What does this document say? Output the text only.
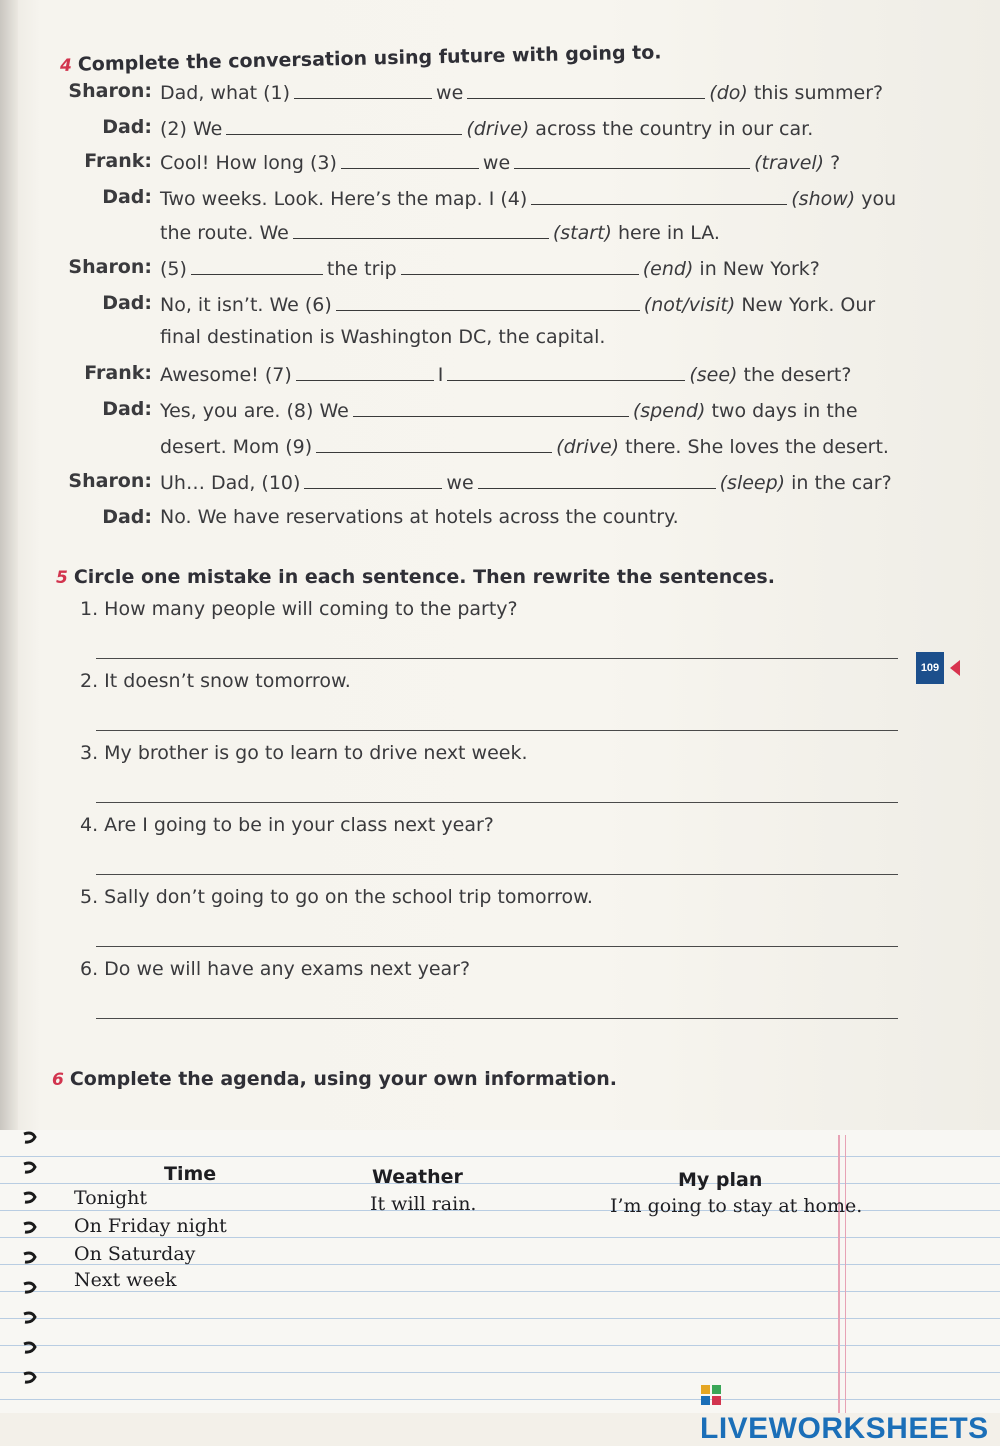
4 Complete the conversation using future with going to.
Sharon: Dad, what (1)	we	(do) this summer?
Dad: (2) We	(drive) across the country in our car.
Frank: Cool! How long (3)	we	(travel) ?
Dad: Two weeks. Look. Here’s the map. I (4)	(show) you
the route. We	(start) here in LA.
Sharon: (5)	the trip	(end) in New York?
Dad: No, it isn’t. We (6)	(not/visit) New York. Our
final destination is Washington DC, the capital.
Frank: Awesome! (7)	I	(see) the desert?
Dad: Yes, you are. (8) We	(spend) two days in the
desert. Mom (9)	(drive) there. She loves the desert.
Sharon: Uh… Dad, (10)	we	(sleep) in the car?
Dad: No. We have reservations at hotels across the country.
5 Circle one mistake in each sentence. Then rewrite the sentences.
1. How many people will coming to the party?
2. It doesn’t snow tomorrow.
3. My brother is go to learn to drive next week.
4. Are I going to be in your class next year?
5. Sally don’t going to go on the school trip tomorrow.
6. Do we will have any exams next year?
109
6 Complete the agenda, using your own information.
Time	Weather	My plan
Tonight	It will rain.	I’m going to stay at home.
On Friday night
On Saturday
Next week
LIVEWORKSHEETS
